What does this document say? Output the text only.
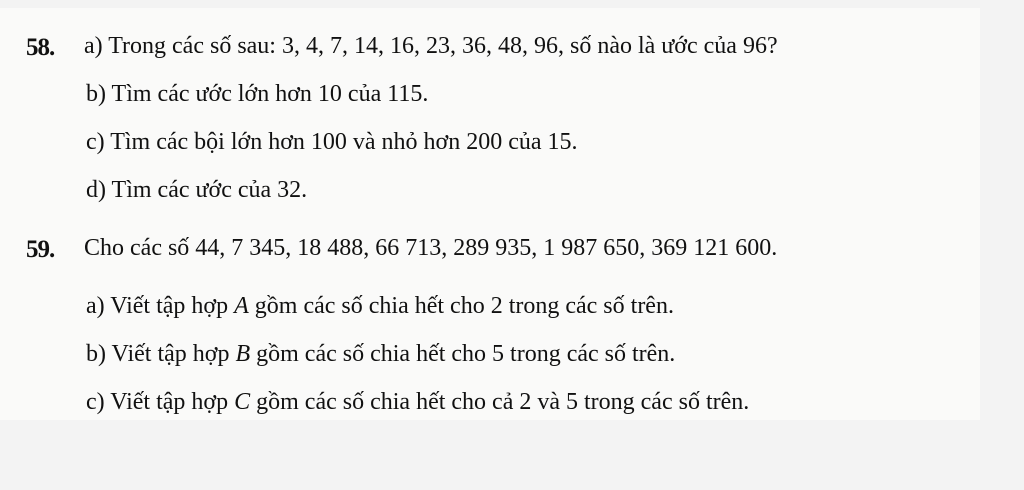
58. a) Trong các số sau: 3, 4, 7, 14, 16, 23, 36, 48, 96, số nào là ước của 96?
b) Tìm các ước lớn hơn 10 của 115.
c) Tìm các bội lớn hơn 100 và nhỏ hơn 200 của 15.
d) Tìm các ước của 32.
59. Cho các số 44, 7 345, 18 488, 66 713, 289 935, 1 987 650, 369 121 600.
a) Viết tập hợp A gồm các số chia hết cho 2 trong các số trên.
b) Viết tập hợp B gồm các số chia hết cho 5 trong các số trên.
c) Viết tập hợp C gồm các số chia hết cho cả 2 và 5 trong các số trên.
